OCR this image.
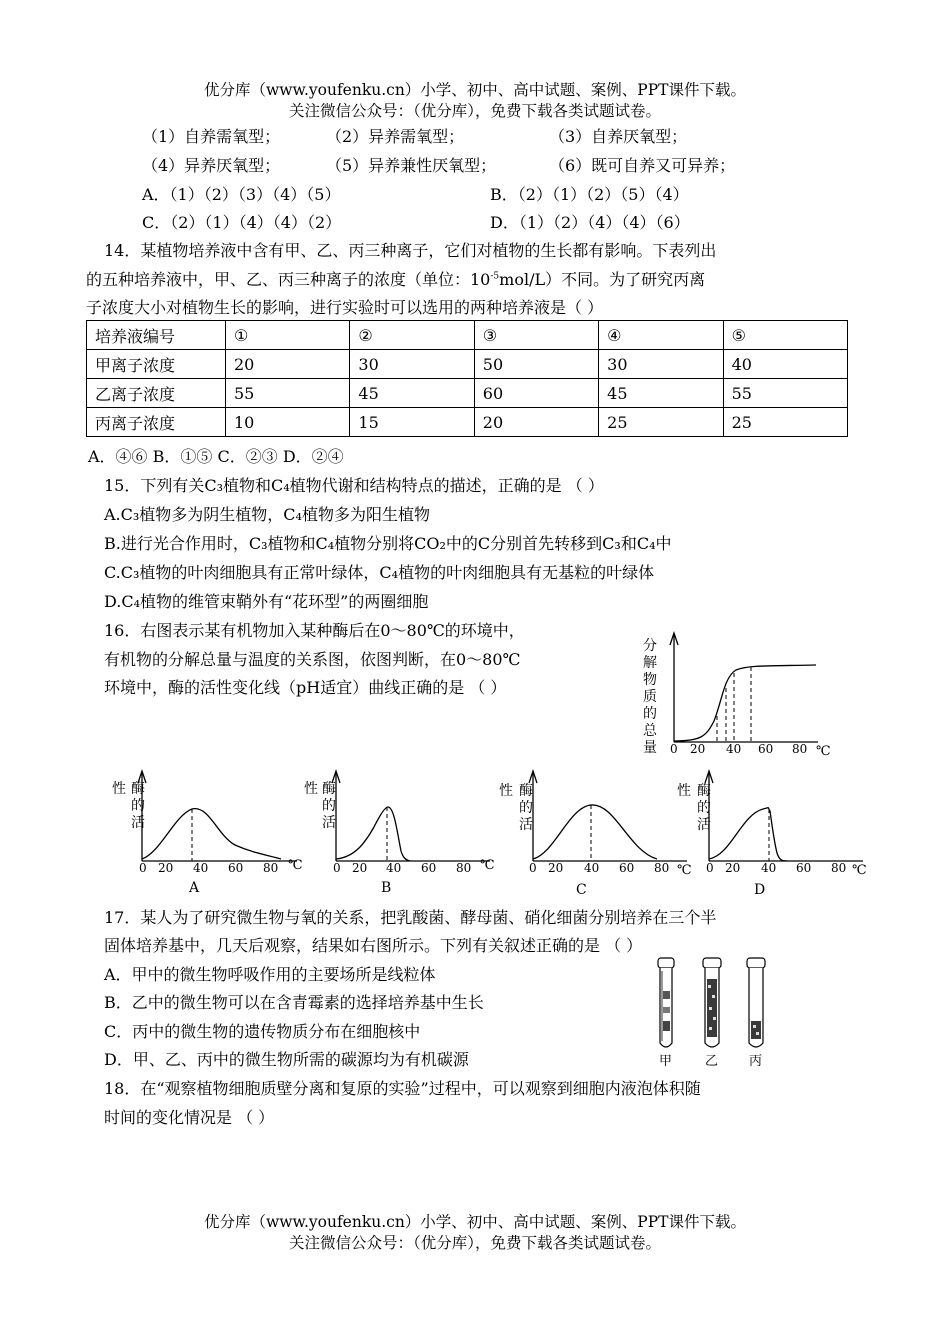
优分库（www.youfenku.cn）小学、初中、高中试题、案例、PPT课件下载。
关注微信公众号：（优分库），免费下载各类试题试卷。
（1）自养需氧型；	（2）异养需氧型；	（3）自养厌氧型；
（4）异养厌氧型；	（5）异养兼性厌氧型；	（6）既可自养又可异养；
A．（1）（2）（3）（4）（5）	B．（2）（1）（2）（5）（4）
C．（2）（1）（4）（4）（2）	D．（1）（2）（4）（4）（6）
14．某植物培养液中含有甲、乙、丙三种离子，它们对植物的生长都有影响。下表列出
的五种培养液中，甲、乙、丙三种离子的浓度（单位：$10^{-5}mol/L$）不同。为了研究丙离
子浓度大小对植物生长的影响，进行实验时可以选用的两种培养液是（ ）
培养液编号	①	②	③	④	⑤
甲离子浓度	20	30	50	30	40
乙离子浓度	55	45	60	45	55
丙离子浓度	10	15	20	25	25
A．④⑥ B．①⑤ C．②③ D．②④
15．下列有关C₃植物和C₄植物代谢和结构特点的描述，正确的是 （ ）
A.C₃植物多为阴生植物，C₄植物多为阳生植物
B.进行光合作用时，C₃植物和C₄植物分别将CO₂中的C分别首先转移到C₃和C₄中
C.C₃植物的叶肉细胞具有正常叶绿体，C₄植物的叶肉细胞具有无基粒的叶绿体
D.C₄植物的维管束鞘外有“花环型”的两圈细胞
16．右图表示某有机物加入某种酶后在0～80℃的环境中，
有机物的分解总量与温度的关系图，依图判断，在0～80℃
环境中，酶的活性变化线（pH适宜）曲线正确的是 （ ）
分
解
物
质
的
总
量 0 20 40 60 80 ℃
性 酶
的
活
0 20 40 60 80 ℃
A
性 酶
的
活
0 20 40 60 80 ℃
B
性 酶
的
活
0 20 40 60 80 ℃
C
性 酶
的
活
0 20 40 60 80 ℃
D
17．某人为了研究微生物与氧的关系，把乳酸菌、酵母菌、硝化细菌分别培养在三个半
固体培养基中，几天后观察，结果如右图所示。下列有关叙述正确的是 （ ）
A．甲中的微生物呼吸作用的主要场所是线粒体
B．乙中的微生物可以在含青霉素的选择培养基中生长
C．丙中的微生物的遗传物质分布在细胞核中
D．甲、乙、丙中的微生物所需的碳源均为有机碳源	甲	乙 丙
18．在“观察植物细胞质壁分离和复原的实验”过程中，可以观察到细胞内液泡体积随
时间的变化情况是 （ ）
优分库（www.youfenku.cn）小学、初中、高中试题、案例、PPT课件下载。
关注微信公众号：（优分库），免费下载各类试题试卷。
